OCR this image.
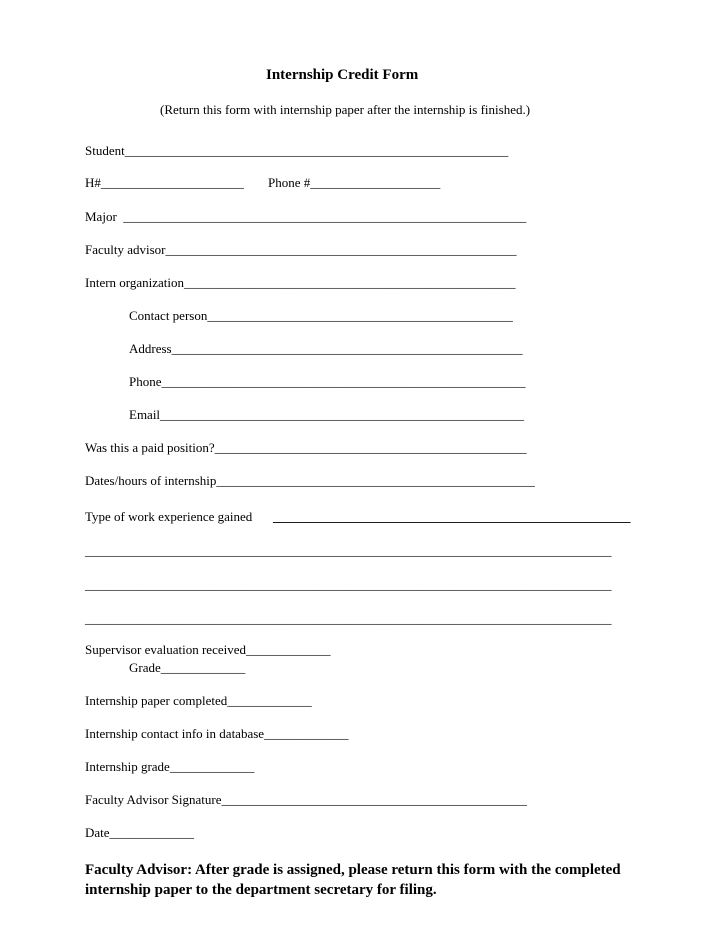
Internship Credit Form
(Return this form with internship paper after the internship is finished.)
Student___________________________________________________________
H#______________________ Phone #____________________
Major  ______________________________________________________________
Faculty advisor______________________________________________________
Intern organization___________________________________________________
Contact person_______________________________________________
Address______________________________________________________
Phone________________________________________________________
Email________________________________________________________
Was this a paid position?________________________________________________
Dates/hours of internship_________________________________________________
Type of work experience gained _______________________________________________________
_________________________________________________________________________________
_________________________________________________________________________________
_________________________________________________________________________________
Supervisor evaluation received_____________
Grade_____________
Internship paper completed_____________
Internship contact info in database_____________
Internship grade_____________
Faculty Advisor Signature_______________________________________________
Date_____________
Faculty Advisor: After grade is assigned, please return this form with the completed internship paper to the department secretary for filing.
